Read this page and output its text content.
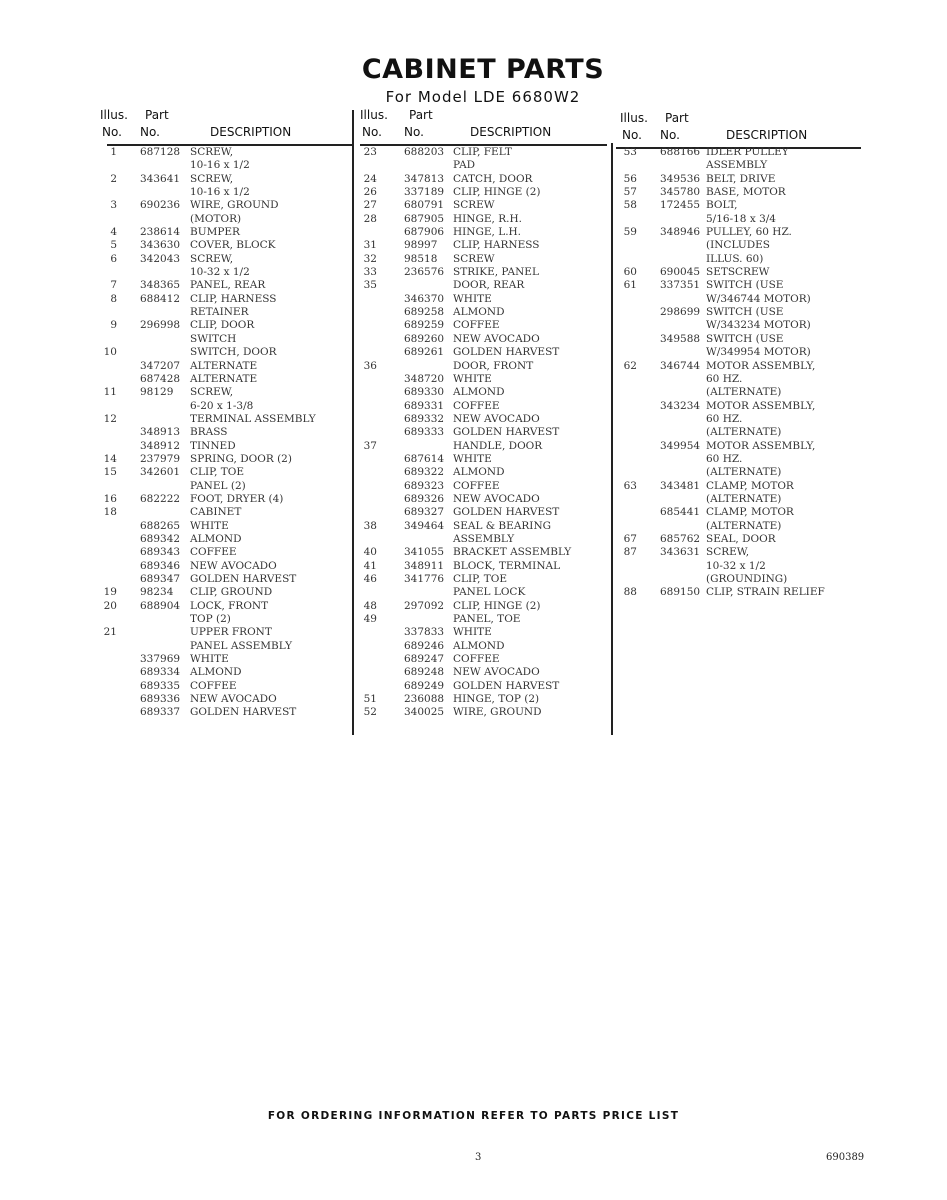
CABINET PARTS
For Model LDE 6680W2
Illus. Part
No. No.	DESCRIPTION
1 687128 SCREW,
10-16 x 1/2
2 343641 SCREW,
10-16 x 1/2
3 690236 WIRE, GROUND
(MOTOR)
4 238614 BUMPER
5 343630 COVER, BLOCK
6 342043 SCREW,
10-32 x 1/2
7 348365 PANEL, REAR
8 688412 CLIP, HARNESS
RETAINER
9 296998 CLIP, DOOR
SWITCH
10	SWITCH, DOOR
347207 ALTERNATE
687428 ALTERNATE
11 98129 SCREW,
6-20 x 1-3/8
12	TERMINAL ASSEMBLY
348913 BRASS
348912 TINNED
14 237979 SPRING, DOOR (2)
15 342601 CLIP, TOE
PANEL (2)
16 682222 FOOT, DRYER (4)
18	CABINET
688265 WHITE
689342 ALMOND
689343 COFFEE
689346 NEW AVOCADO
689347 GOLDEN HARVEST
19 98234 CLIP, GROUND
20 688904 LOCK, FRONT
TOP (2)
21	UPPER FRONT
PANEL ASSEMBLY
337969 WHITE
689334 ALMOND
689335 COFFEE
689336 NEW AVOCADO
689337 GOLDEN HARVEST
Illus. Part
No. No.	DESCRIPTION
23	688203 CLIP, FELT
PAD
24	347813 CATCH, DOOR
26	337189 CLIP, HINGE (2)
27	680791 SCREW
28	687905 HINGE, R.H.
687906 HINGE, L.H.
31	98997 CLIP, HARNESS
32	98518 SCREW
33	236576 STRIKE, PANEL
35	DOOR, REAR
346370 WHITE
689258 ALMOND
689259 COFFEE
689260 NEW AVOCADO
689261 GOLDEN HARVEST
36	DOOR, FRONT
348720 WHITE
689330 ALMOND
689331 COFFEE
689332 NEW AVOCADO
689333 GOLDEN HARVEST
37	HANDLE, DOOR
687614 WHITE
689322 ALMOND
689323 COFFEE
689326 NEW AVOCADO
689327 GOLDEN HARVEST
38	349464 SEAL & BEARING
ASSEMBLY
40	341055 BRACKET ASSEMBLY
41	348911 BLOCK, TERMINAL
46	341776 CLIP, TOE
PANEL LOCK
48	297092 CLIP, HINGE (2)
49	PANEL, TOE
337833 WHITE
689246 ALMOND
689247 COFFEE
689248 NEW AVOCADO
689249 GOLDEN HARVEST
51	236088 HINGE, TOP (2)
52	340025 WIRE, GROUND
Illus. Part
No. No.	DESCRIPTION
53 688166 IDLER PULLEY
ASSEMBLY
56 349536 BELT, DRIVE
57 345780 BASE, MOTOR
58 172455 BOLT,
5/16-18 x 3/4
59 348946 PULLEY, 60 HZ.
(INCLUDES
ILLUS. 60)
60 690045 SETSCREW
61 337351 SWITCH (USE
W/346744 MOTOR)
298699 SWITCH (USE
W/343234 MOTOR)
349588 SWITCH (USE
W/349954 MOTOR)
62 346744 MOTOR ASSEMBLY,
60 HZ.
(ALTERNATE)
343234 MOTOR ASSEMBLY,
60 HZ.
(ALTERNATE)
349954 MOTOR ASSEMBLY,
60 HZ.
(ALTERNATE)
63 343481 CLAMP, MOTOR
(ALTERNATE)
685441 CLAMP, MOTOR
(ALTERNATE)
67 685762 SEAL, DOOR
87 343631 SCREW,
10-32 x 1/2
(GROUNDING)
88 689150 CLIP, STRAIN RELIEF
FOR ORDERING INFORMATION REFER TO PARTS PRICE LIST
3	690389
